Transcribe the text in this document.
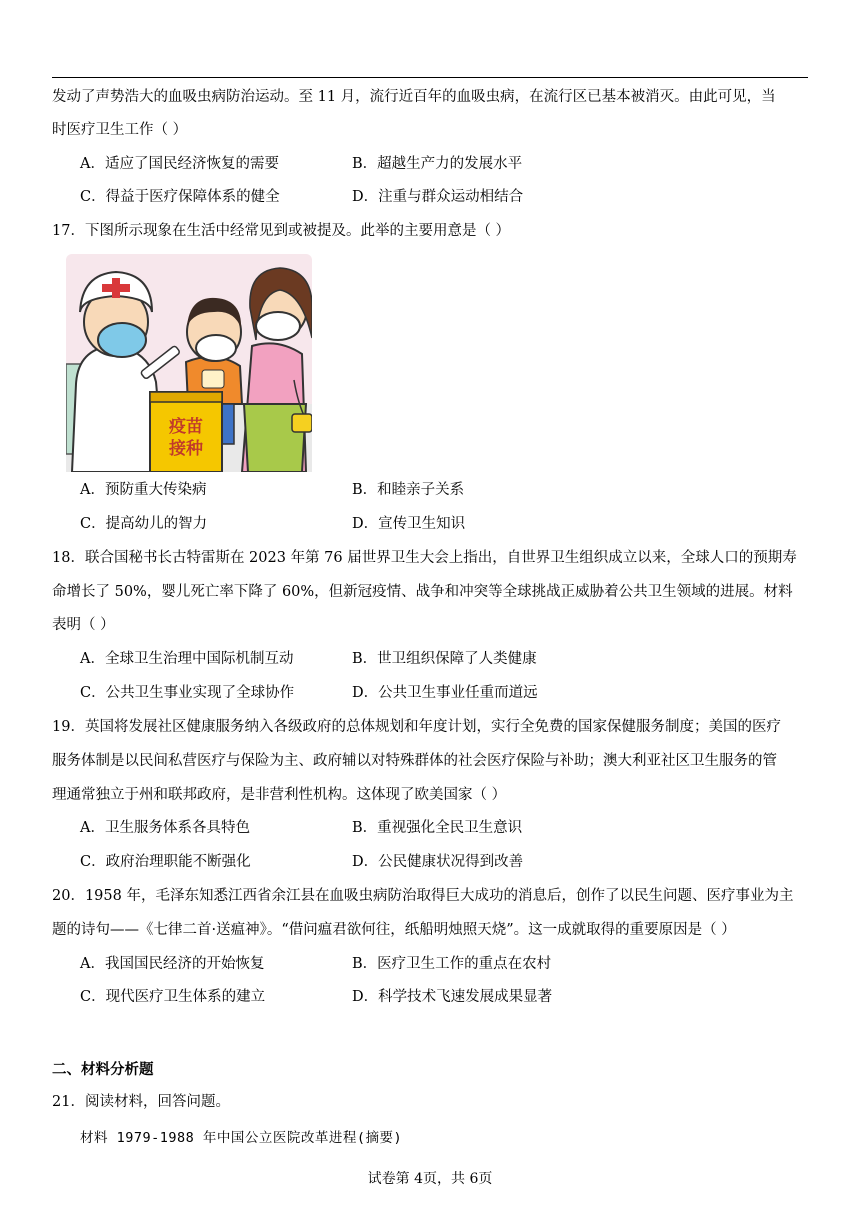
发动了声势浩大的血吸虫病防治运动。至 11 月，流行近百年的血吸虫病，在流行区已基本被消灭。由此可见，当
时医疗卫生工作（ ）
A．适应了国民经济恢复的需要	B．超越生产力的发展水平
C．得益于医疗保障体系的健全	D．注重与群众运动相结合
17．下图所示现象在生活中经常见到或被提及。此举的主要用意是（ ）
疫苗
接种
A．预防重大传染病	B．和睦亲子关系
C．提高幼儿的智力	D．宣传卫生知识
18．联合国秘书长古特雷斯在 2023 年第 76 届世界卫生大会上指出，自世界卫生组织成立以来，全球人口的预期寿
命增长了 50%，婴儿死亡率下降了 60%，但新冠疫情、战争和冲突等全球挑战正威胁着公共卫生领域的进展。材料
表明（ ）
A．全球卫生治理中国际机制互动	B．世卫组织保障了人类健康
C．公共卫生事业实现了全球协作	D．公共卫生事业任重而道远
19．英国将发展社区健康服务纳入各级政府的总体规划和年度计划，实行全免费的国家保健服务制度；美国的医疗
服务体制是以民间私营医疗与保险为主、政府辅以对特殊群体的社会医疗保险与补助；澳大利亚社区卫生服务的管
理通常独立于州和联邦政府，是非营利性机构。这体现了欧美国家（ ）
A．卫生服务体系各具特色	B．重视强化全民卫生意识
C．政府治理职能不断强化	D．公民健康状况得到改善
20．1958 年，毛泽东知悉江西省余江县在血吸虫病防治取得巨大成功的消息后，创作了以民生问题、医疗事业为主
题的诗句——《七律二首·送瘟神》。“借问瘟君欲何往，纸船明烛照天烧”。这一成就取得的重要原因是（ ）
A．我国国民经济的开始恢复	B．医疗卫生工作的重点在农村
C．现代医疗卫生体系的建立	D．科学技术飞速发展成果显著
二、材料分析题
21．阅读材料，回答问题。
材料 1979-1988 年中国公立医院改革进程(摘要)
试卷第 4页，共 6页
